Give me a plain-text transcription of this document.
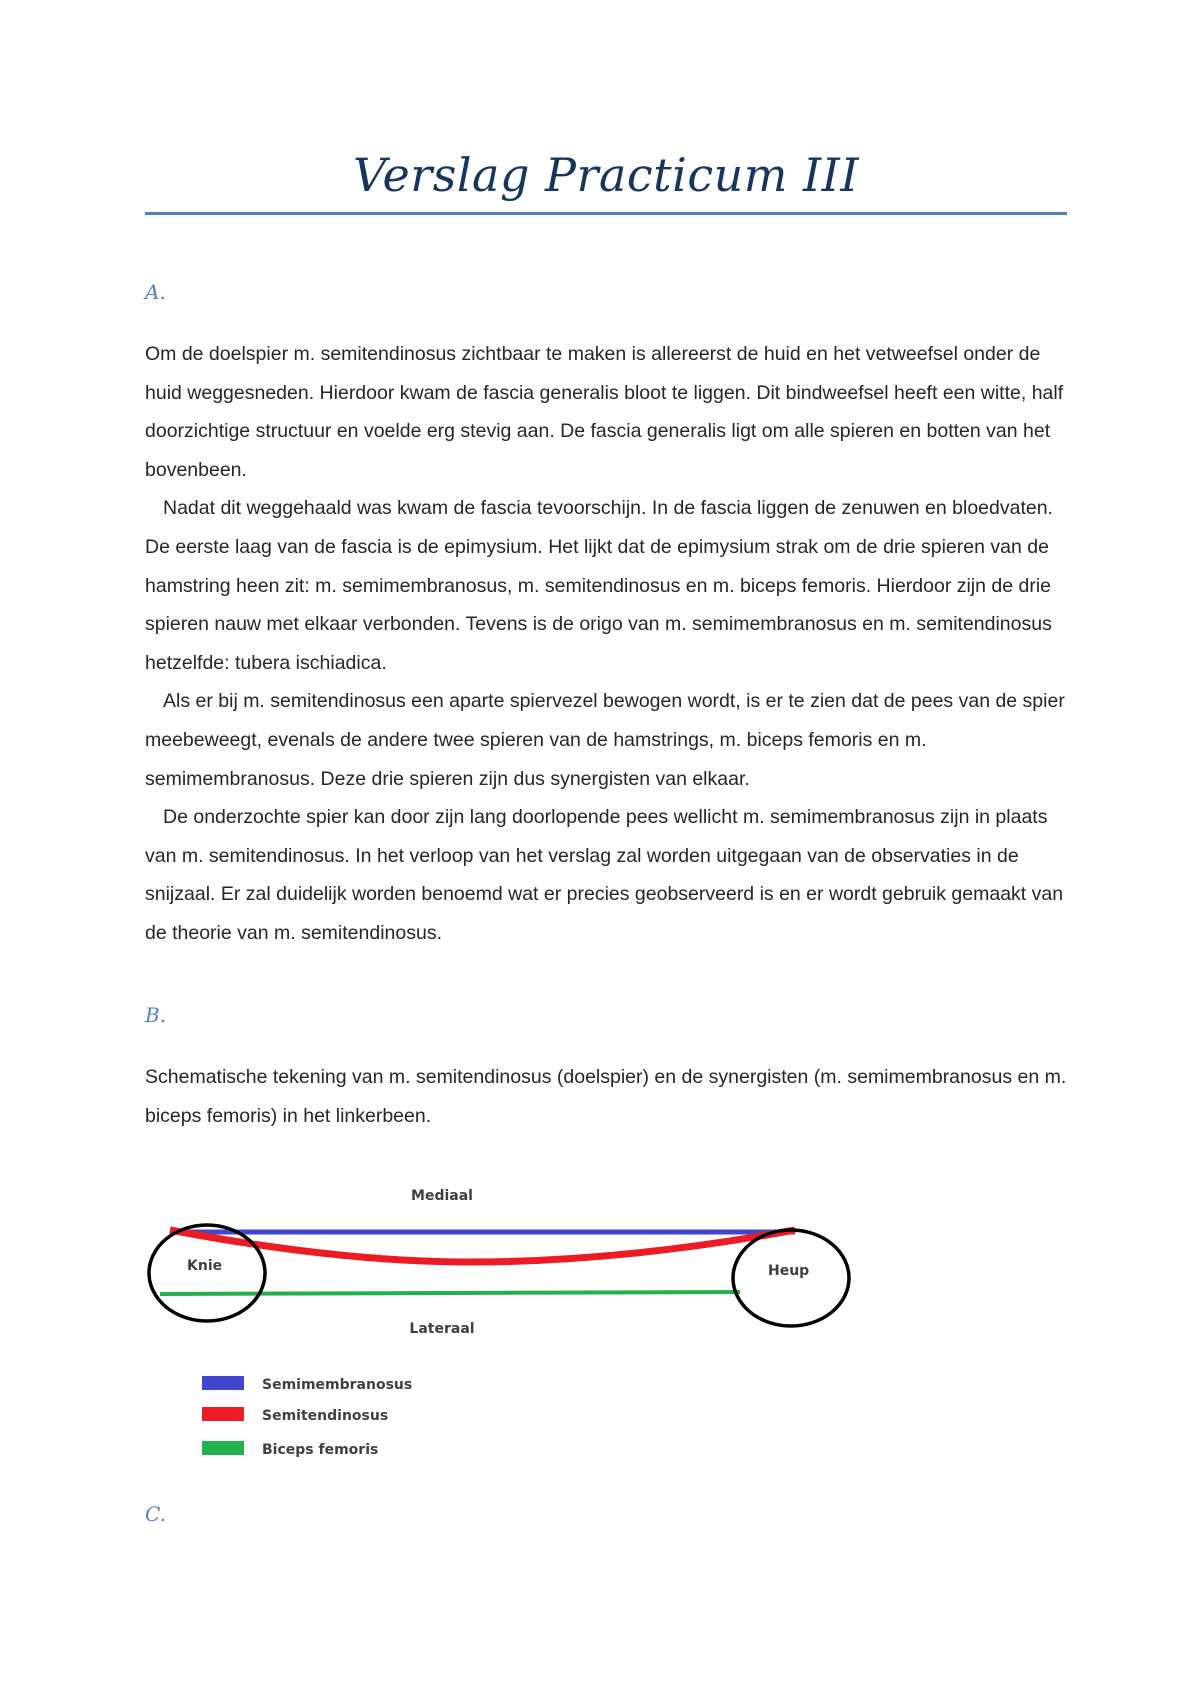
Verslag Practicum III
A.

Om de doelspier m. semitendinosus zichtbaar te maken is allereerst de huid en het vetweefsel onder de huid weggesneden. Hierdoor kwam de fascia generalis bloot te liggen. Dit bindweefsel heeft een witte, half doorzichtige structuur en voelde erg stevig aan. De fascia generalis ligt om alle spieren en botten van het bovenbeen.

Nadat dit weggehaald was kwam de fascia tevoorschijn. In de fascia liggen de zenuwen en bloedvaten. De eerste laag van de fascia is de epimysium. Het lijkt dat de epimysium strak om de drie spieren van de hamstring heen zit: m. semimembranosus, m. semitendinosus en m. biceps femoris. Hierdoor zijn de drie spieren nauw met elkaar verbonden. Tevens is de origo van m. semimembranosus en m. semitendinosus hetzelfde: tubera ischiadica.

Als er bij m. semitendinosus een aparte spiervezel bewogen wordt, is er te zien dat de pees van de spier meebeweegt, evenals de andere twee spieren van de hamstrings, m. biceps femoris en m. semimembranosus. Deze drie spieren zijn dus synergisten van elkaar.

De onderzochte spier kan door zijn lang doorlopende pees wellicht m. semimembranosus zijn in plaats van m. semitendinosus. In het verloop van het verslag zal worden uitgegaan van de observaties in de snijzaal. Er zal duidelijk worden benoemd wat er precies geobserveerd is en er wordt gebruik gemaakt van de theorie van m. semitendinosus.

B.

Schematische tekening van m. semitendinosus (doelspier) en de synergisten (m. semimembranosus en m. biceps femoris) in het linkerbeen.

Mediaal
Lateraal
Knie	Heup
Semimembranosus
Semitendinosus
Biceps femoris
C.
